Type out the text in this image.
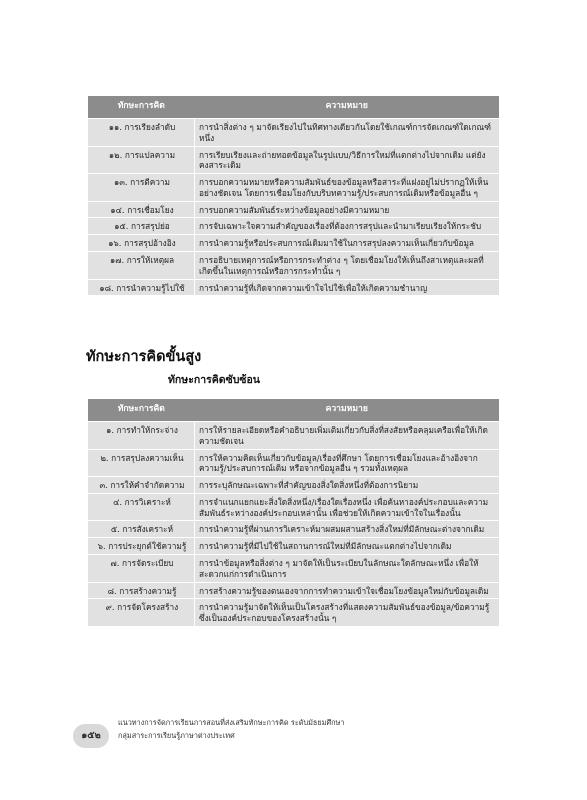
ทักษะการคิด	ความหมาย
๑๑. การเรียงลำดับ	การนำสิ่งต่าง ๆ มาจัดเรียงไปในทิศทางเดียวกันโดยใช้เกณฑ์การจัดเกณฑ์ใดเกณฑ์หนึ่ง
๑๒. การแปลความ	การเรียบเรียงและถ่ายทอดข้อมูลในรูปแบบ/วิธีการใหม่ที่แตกต่างไปจากเดิม แต่ยังคงสาระเดิม
๑๓. การตีความ	การบอกความหมายหรือความสัมพันธ์ของข้อมูลหรือสาระที่แฝงอยู่ไม่ปรากฏให้เห็นอย่างชัดเจน โดยการเชื่อมโยงกับบริบทความรู้/ประสบการณ์เดิมหรือข้อมูลอื่น ๆ
๑๔. การเชื่อมโยง	การบอกความสัมพันธ์ระหว่างข้อมูลอย่างมีความหมาย
๑๕. การสรุปย่อ	การจับเฉพาะใจความสำคัญของเรื่องที่ต้องการสรุปและนำมาเรียบเรียงให้กระชับ
๑๖. การสรุปอ้างอิง	การนำความรู้หรือประสบการณ์เดิมมาใช้ในการสรุปลงความเห็นเกี่ยวกับข้อมูล
๑๗. การให้เหตุผล	การอธิบายเหตุการณ์หรือการกระทำต่าง ๆ โดยเชื่อมโยงให้เห็นถึงสาเหตุและผลที่เกิดขึ้นในเหตุการณ์หรือการกระทำนั้น ๆ
๑๘. การนำความรู้ไปใช้	การนำความรู้ที่เกิดจากความเข้าใจไปใช้เพื่อให้เกิดความชำนาญ
ทักษะการคิดขั้นสูง
ทักษะการคิดซับซ้อน
ทักษะการคิด	ความหมาย
๑. การทำให้กระจ่าง	การให้รายละเอียดหรือคำอธิบายเพิ่มเติมเกี่ยวกับสิ่งที่สงสัยหรือคลุมเครือเพื่อให้เกิดความชัดเจน
๒. การสรุปลงความเห็น	การให้ความคิดเห็นเกี่ยวกับข้อมูล/เรื่องที่ศึกษา โดยการเชื่อมโยงและอ้างอิงจากความรู้/ประสบการณ์เดิม หรือจากข้อมูลอื่น ๆ รวมทั้งเหตุผล
๓. การให้คำจำกัดความ	การระบุลักษณะเฉพาะที่สำคัญของสิ่งใดสิ่งหนึ่งที่ต้องการนิยาม
๔. การวิเคราะห์	การจำแนกแยกแยะสิ่งใดสิ่งหนึ่ง/เรื่องใดเรื่องหนึ่ง เพื่อค้นหาองค์ประกอบและความสัมพันธ์ระหว่างองค์ประกอบเหล่านั้น เพื่อช่วยให้เกิดความเข้าใจในเรื่องนั้น
๕. การสังเคราะห์	การนำความรู้ที่ผ่านการวิเคราะห์มาผสมผสานสร้างสิ่งใหม่ที่มีลักษณะต่างจากเดิม
๖. การประยุกต์ใช้ความรู้	การนำความรู้ที่มีไปใช้ในสถานการณ์ใหม่ที่มีลักษณะแตกต่างไปจากเดิม
๗. การจัดระเบียบ	การนำข้อมูลหรือสิ่งต่าง ๆ มาจัดให้เป็นระเบียบในลักษณะใดลักษณะหนึ่ง เพื่อให้สะดวกแก่การดำเนินการ
๘. การสร้างความรู้	การสร้างความรู้ของตนเองจากการทำความเข้าใจเชื่อมโยงข้อมูลใหม่กับข้อมูลเดิม
๙. การจัดโครงสร้าง	การนำความรู้มาจัดให้เห็นเป็นโครงสร้างที่แสดงความสัมพันธ์ของข้อมูล/ข้อความรู้ซึ่งเป็นองค์ประกอบของโครงสร้างนั้น ๆ
๑๕๒
แนวทางการจัดการเรียนการสอนที่ส่งเสริมทักษะการคิด ระดับมัธยมศึกษา
กลุ่มสาระการเรียนรู้ภาษาต่างประเทศ
